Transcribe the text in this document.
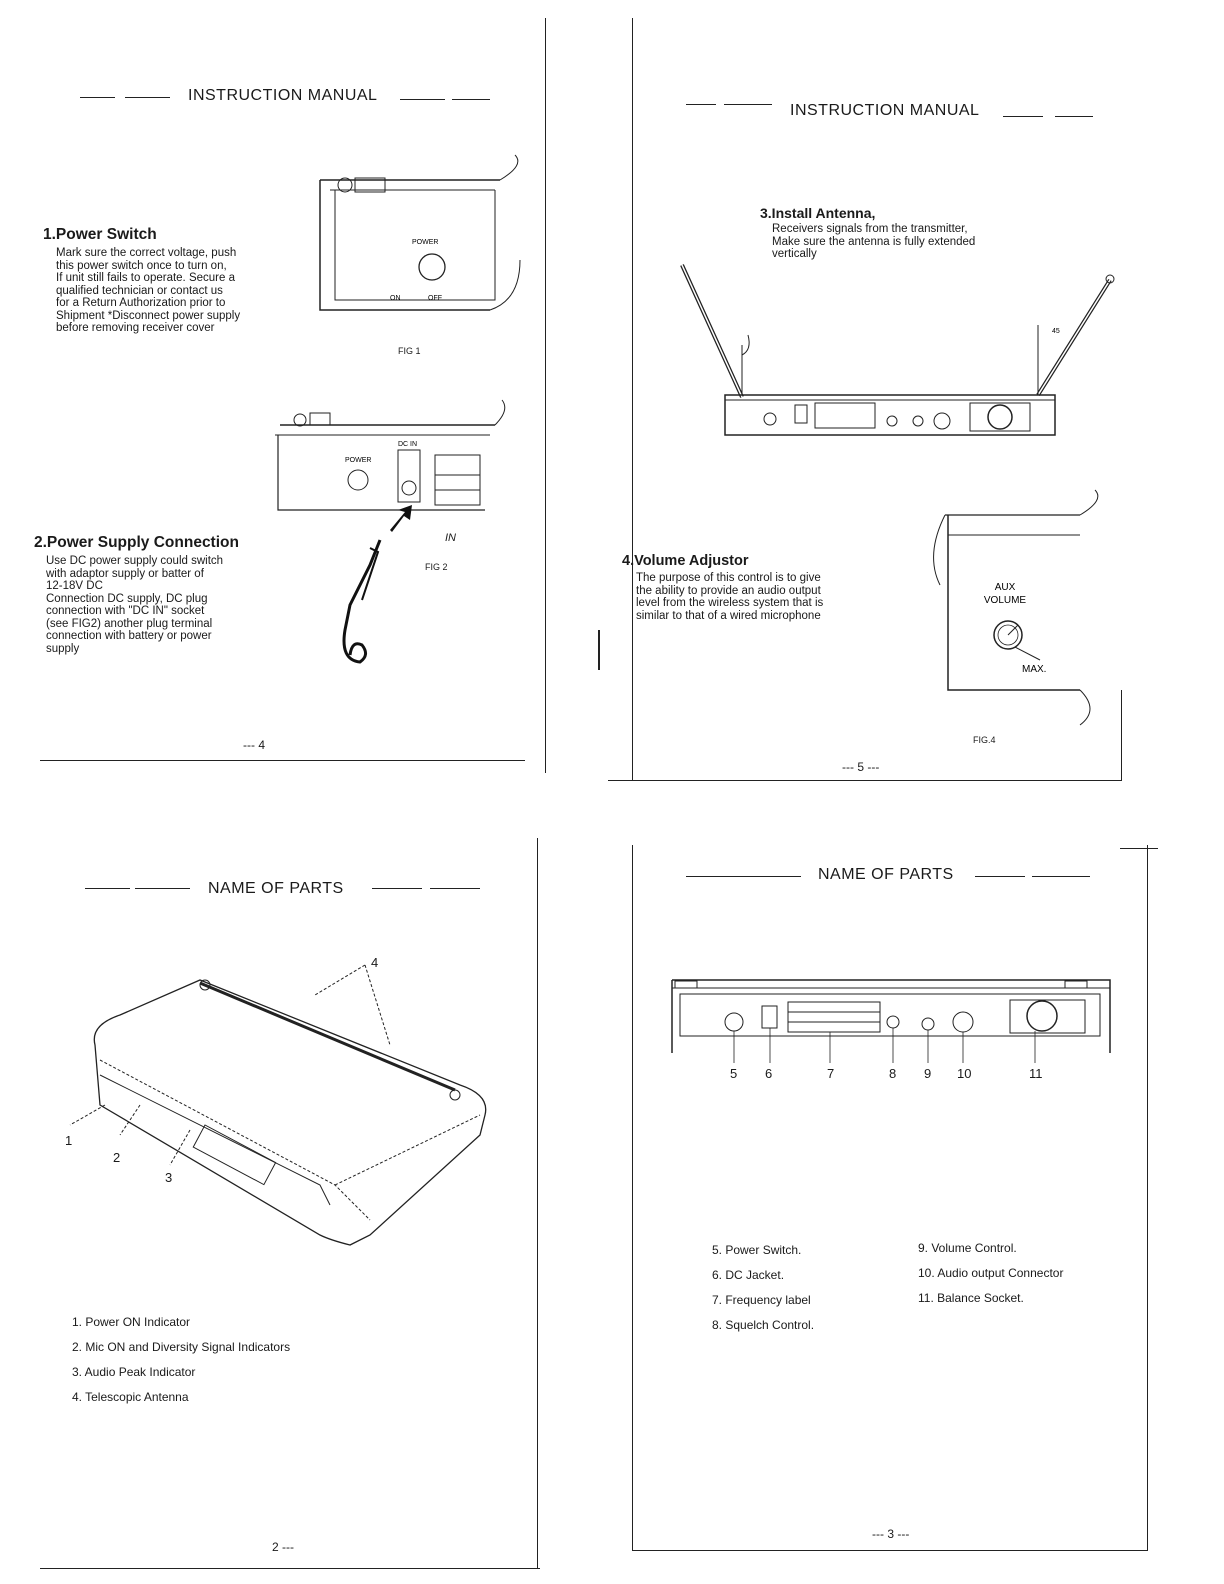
INSTRUCTION MANUAL
1.Power Switch
Mark sure the correct voltage, push
this power switch once to turn on,
If unit still fails to operate. Secure a
qualified technician or contact us
for a Return Authorization prior to
Shipment *Disconnect power supply
before removing receiver cover
POWER
ON	OFF
FIG 1
POWER
DC IN
IN
FIG 2
2.Power Supply Connection
Use DC power supply could switch
with adaptor supply or batter of
12-18V DC
Connection DC supply, DC plug
connection with "DC IN" socket
(see FIG2) another plug terminal
connection with battery or power
supply
--- 4
INSTRUCTION MANUAL
3.Install Antenna,
Receivers signals from the transmitter,
Make sure the antenna is fully extended
vertically
45
4.Volume Adjustor
The purpose of this control is to give
the ability to provide an audio output
level from the wireless system that is
similar to that of a wired microphone
AUX
VOLUME
MAX.
FIG.4
--- 5 ---
NAME OF PARTS
4
1
2
3
1. Power ON Indicator
2. Mic ON and Diversity Signal Indicators
3. Audio Peak Indicator
4. Telescopic Antenna
2 ---
NAME OF PARTS
5 6	7	8 9 10	11
5. Power Switch.
6. DC Jacket.
7. Frequency label
8. Squelch Control.
9. Volume Control.
10. Audio output Connector
11. Balance Socket.
--- 3 ---
